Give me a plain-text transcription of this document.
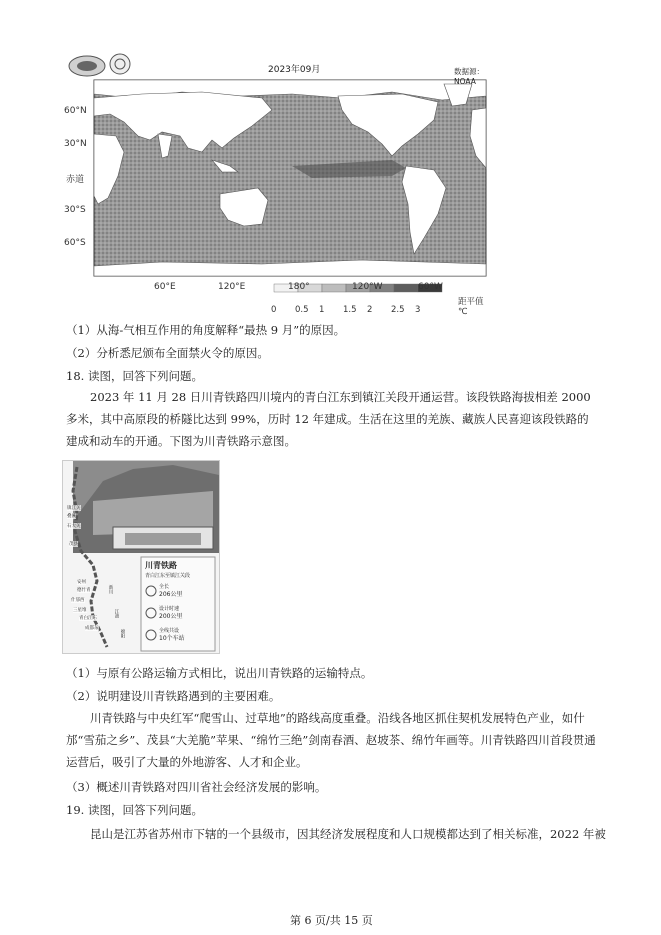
2023年09月	数据源：NOAA
60°N
30°N
赤道
30°S
60°S
60°E	120°E	180°	120°W	60°W
0 0.5 1 1.5 2 2.5 3
距平值 ℃
（1）从海-气相互作用的角度解释“最热 9 月”的原因。
（2）分析悉尼颁布全面禁火令的原因。
18. 读图，回答下列问题。
2023 年 11 月 28 日川青铁路四川境内的青白江东到镇江关段开通运营。该段铁路海拔相差 2000 多米，其中高原段的桥隧比达到 99%，历时 12 年建成。生活在这里的羌族、藏族人民喜迎该段铁路的建成和动车的开通。下图为川青铁路示意图。
川青铁路
青白江东至镇江关段
全长
206公里
设计时速
200公里
全线共设
10个车站
镇江关
叠溪
石大关
茂县
安州
德竹青
什邡西
三星堆
青白江东
成都东
新川
江油
绵阳
（1）与原有公路运输方式相比，说出川青铁路的运输特点。
（2）说明建设川青铁路遇到的主要困难。
川青铁路与中央红军“爬雪山、过草地”的路线高度重叠。沿线各地区抓住契机发展特色产业，如什邡“雪茄之乡”、茂县“大羌脆”苹果、“绵竹三绝”剑南春酒、赵坡茶、绵竹年画等。川青铁路四川首段贯通运营后，吸引了大量的外地游客、人才和企业。
（3）概述川青铁路对四川省社会经济发展的影响。
19. 读图，回答下列问题。
昆山是江苏省苏州市下辖的一个县级市，因其经济发展程度和人口规模都达到了相关标准，2022 年被
第 6 页/共 15 页
